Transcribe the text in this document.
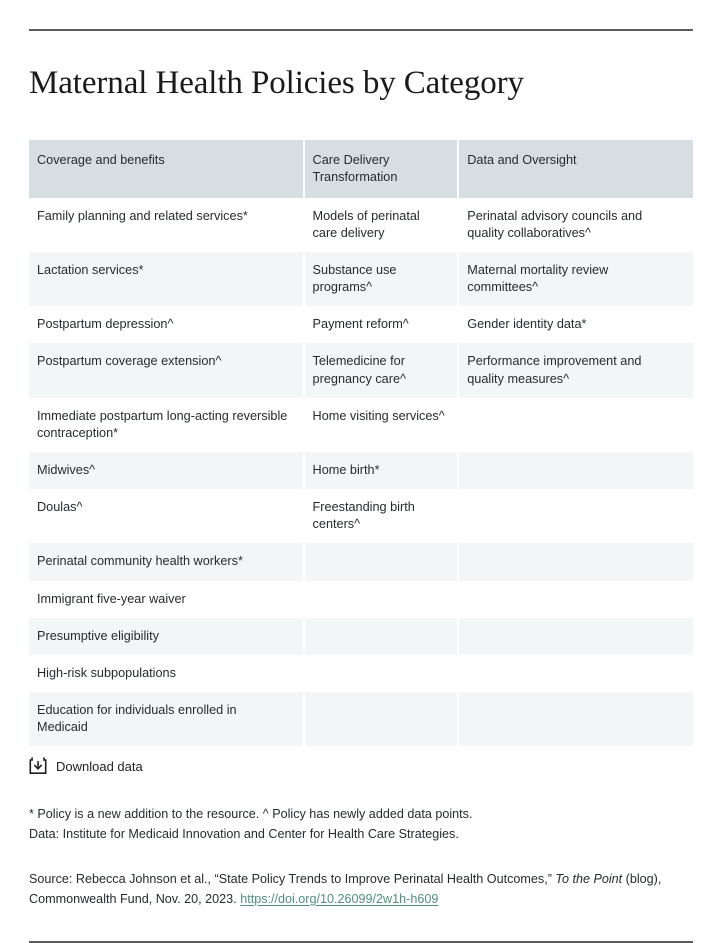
Maternal Health Policies by Category
Coverage and benefits	Care Delivery Transformation	Data and Oversight
Family planning and related services*	Models of perinatal care delivery	Perinatal advisory councils and quality collaboratives^
Lactation services*	Substance use programs^	Maternal mortality review committees^
Postpartum depression^	Payment reform^	Gender identity data*
Postpartum coverage extension^	Telemedicine for pregnancy care^	Performance improvement and quality measures^
Immediate postpartum long-acting reversible contraception*	Home visiting services^	
Midwives^	Home birth*	
Doulas^	Freestanding birth centers^	
Perinatal community health workers*		
Immigrant five-year waiver		
Presumptive eligibility		
High-risk subpopulations		
Education for individuals enrolled in Medicaid		
Download data
* Policy is a new addition to the resource. ^ Policy has newly added data points.
Data: Institute for Medicaid Innovation and Center for Health Care Strategies.
Source: Rebecca Johnson et al., “State Policy Trends to Improve Perinatal Health Outcomes,” To the Point (blog), Commonwealth Fund, Nov. 20, 2023. https://doi.org/10.26099/2w1h-h609
